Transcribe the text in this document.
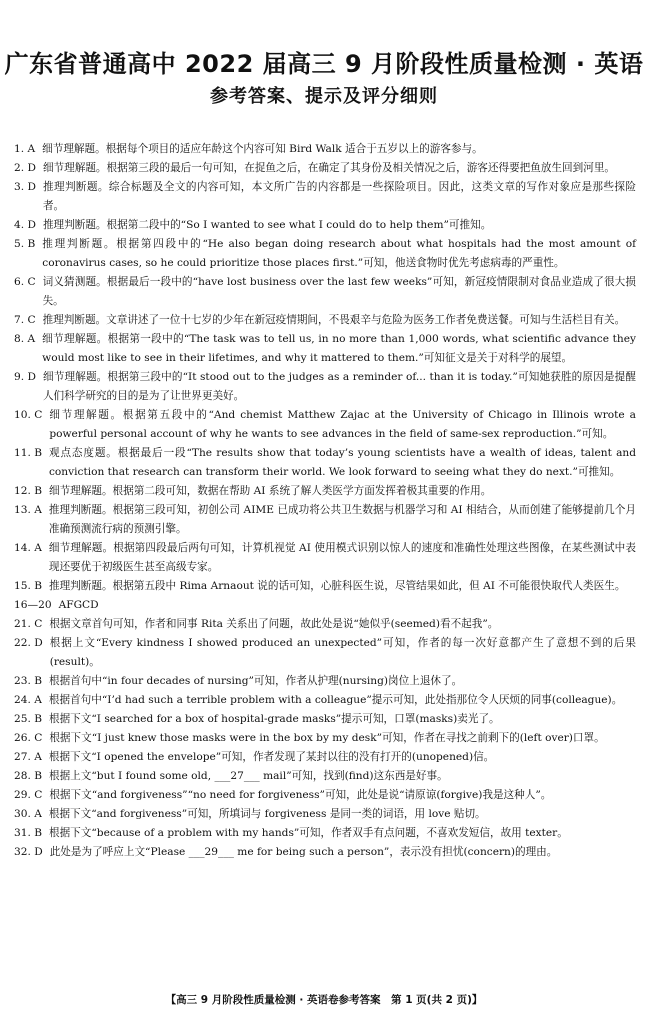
广东省普通高中 2022 届高三 9 月阶段性质量检测 · 英语
参考答案、提示及评分细则
1. A 细节理解题。根据每个项目的适应年龄这个内容可知 Bird Walk 适合于五岁以上的游客参与。
2. D 细节理解题。根据第三段的最后一句可知，在捉鱼之后，在确定了其身份及相关情况之后，游客还得要把鱼放生回到河里。
3. D 推理判断题。综合标题及全文的内容可知，本文所广告的内容都是一些探险项目。因此，这类文章的写作对象应是那些探险者。
4. D 推理判断题。根据第二段中的“So I wanted to see what I could do to help them”可推知。
5. B 推理判断题。根据第四段中的“He also began doing research about what hospitals had the most amount of coronavirus cases, so he could prioritize those places first.”可知，他送食物时优先考虑病毒的严重性。
6. C 词义猜测题。根据最后一段中的“have lost business over the last few weeks”可知，新冠疫情限制对食品业造成了很大损失。
7. C 推理判断题。文章讲述了一位十七岁的少年在新冠疫情期间，不畏艰辛与危险为医务工作者免费送餐。可知与生活栏目有关。
8. A 细节理解题。根据第一段中的“The task was to tell us, in no more than 1,000 words, what scientific advance they would most like to see in their lifetimes, and why it mattered to them.”可知征文是关于对科学的展望。
9. D 细节理解题。根据第三段中的“It stood out to the judges as a reminder of... than it is today.”可知她获胜的原因是提醒人们科学研究的目的是为了让世界更美好。
10. C 细节理解题。根据第五段中的“And chemist Matthew Zajac at the University of Chicago in Illinois wrote a powerful personal account of why he wants to see advances in the field of same-sex reproduction.”可知。
11. B 观点态度题。根据最后一段“The results show that today’s young scientists have a wealth of ideas, talent and conviction that research can transform their world. We look forward to seeing what they do next.”可推知。
12. B 细节理解题。根据第二段可知，数据在帮助 AI 系统了解人类医学方面发挥着极其重要的作用。
13. A 推理判断题。根据第三段可知，初创公司 AIME 已成功将公共卫生数据与机器学习和 AI 相结合，从而创建了能够提前几个月准确预测流行病的预测引擎。
14. A 细节理解题。根据第四段最后两句可知，计算机视觉 AI 使用模式识别以惊人的速度和准确性处理这些图像，在某些测试中表现还要优于初级医生甚至高级专家。
15. B 推理判断题。根据第五段中 Rima Arnaout 说的话可知，心脏科医生说，尽管结果如此，但 AI 不可能很快取代人类医生。
16—20 AFGCD
21. C 根据文章首句可知，作者和同事 Rita 关系出了问题，故此处是说“她似乎(seemed)看不起我”。
22. D 根据上文“Every kindness I showed produced an unexpected”可知，作者的每一次好意都产生了意想不到的后果(result)。
23. B 根据首句中“in four decades of nursing”可知，作者从护理(nursing)岗位上退休了。
24. A 根据首句中“I’d had such a terrible problem with a colleague”提示可知，此处指那位令人厌烦的同事(colleague)。
25. B 根据下文“I searched for a box of hospital-grade masks”提示可知，口罩(masks)卖光了。
26. C 根据下文“I just knew those masks were in the box by my desk”可知，作者在寻找之前剩下的(left over)口罩。
27. A 根据下文“I opened the envelope”可知，作者发现了某封以往的没有打开的(unopened)信。
28. B 根据上文“but I found some old, ___27___ mail”可知，找到(find)这东西是好事。
29. C 根据下文“and forgiveness”“no need for forgiveness”可知，此处是说“请原谅(forgive)我是这种人”。
30. A 根据下文“and forgiveness”可知，所填词与 forgiveness 是同一类的词语，用 love 贴切。
31. B 根据下文“because of a problem with my hands”可知，作者双手有点问题，不喜欢发短信，故用 texter。
32. D 此处是为了呼应上文“Please ___29___ me for being such a person”，表示没有担忧(concern)的理由。
【高三 9 月阶段性质量检测 · 英语卷参考答案　第 1 页(共 2 页)】
